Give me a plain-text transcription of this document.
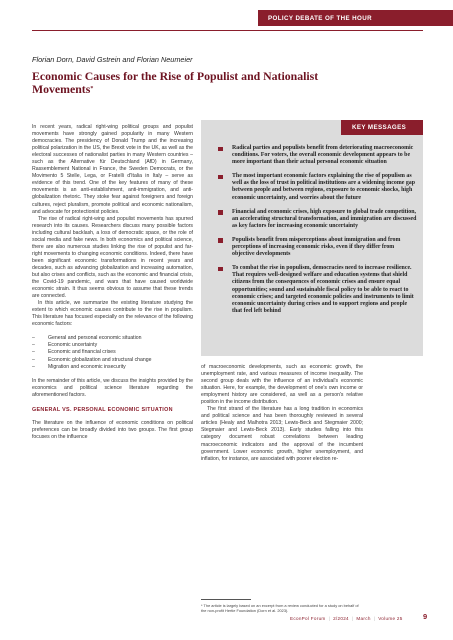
POLICY DEBATE OF THE HOUR
Florian Dorn, David Gstrein and Florian Neumeier
Economic Causes for the Rise of Populist and Nationalist Movements*

In recent years, radical right-wing political groups and populist movements have strongly gained popularity in many Western democracies. The presidency of Donald Trump and the increasing political polarization in the US, the Brexit vote in the UK, as well as the electoral successes of nationalist parties in many Western countries – such as the Alternative für Deutschland (AfD) in Germany, Rassemblement National in France, the Sweden Democrats, or the Movimento 5 Stelle, Lega, or Fratelli d'Italia in Italy – serve as evidence of this trend. One of the key features of many of these movements is an anti-establishment, anti-immigration, and anti-globalization rhetoric. They stoke fear against foreigners and foreign cultures, reject pluralism, promote political and economic nationalism, and advocate for protectionist policies.

The rise of radical right-wing and populist movements has spurred research into its causes. Researchers discuss many possible factors including cultural backlash, a loss of democratic space, or the role of social media and fake news. In both economics and political science, there are also numerous studies linking the rise of populist and far-right movements to changing economic conditions. Indeed, there have been significant economic transformations in recent years and decades, such as advancing globalization and increasing automation, but also crises and conflicts, such as the economic and financial crisis, the Covid-19 pandemic, and wars that have caused worldwide economic strain. It thus seems obvious to assume that these trends are connected.

In this article, we summarize the existing literature studying the extent to which economic causes contribute to the rise in populism. This literature has focused especially on the relevance of the following economic factors:

– General and personal economic situation
– Economic uncertainty
– Economic and financial crises
– Economic globalization and structural change
– Migration and economic insecurity

In the remainder of this article, we discuss the insights provided by the economics and political science literature regarding the aforementioned factors.

GENERAL VS. PERSONAL ECONOMIC SITUATION

The literature on the influence of economic conditions on political preferences can be broadly divided into two groups. The first group focuses on the influence

KEY MESSAGES
Radical parties and populists benefit from deteriorating macroeconomic conditions. For voters, the overall economic development appears to be more important than their actual personal economic situation
The most important economic factors explaining the rise of populism as well as the loss of trust in political institutions are a widening income gap between people and between regions, exposure to economic shocks, high economic uncertainty, and worries about the future
Financial and economic crises, high exposure to global trade competition, an accelerating structural transformation, and immigration are discussed as key factors for increasing economic uncertainty
Populists benefit from misperceptions about immigration and from perceptions of increasing economic risks, even if they differ from objective developments
To combat the rise in populism, democracies need to increase resilience. That requires well-designed welfare and education systems that shield citizens from the consequences of economic crises and ensure equal opportunities; sound and sustainable fiscal policy to be able to react to economic crises; and targeted economic policies and instruments to limit economic uncertainty during crises and to support regions and people that feel left behind

of macroeconomic developments, such as economic growth, the unemployment rate, and various measures of income inequality. The second group deals with the influence of an individual's economic situation. Here, for example, the development of one's own income or employment history are considered, as well as a person's relative position in the income distribution.

The first strand of the literature has a long tradition in economics and political science and has been thoroughly reviewed in several articles (Healy and Malhotra 2013; Lewis-Beck and Stegmaier 2000; Stegmaier and Lewis-Beck 2013). Early studies falling into this category document robust correlations between leading macroeconomic indicators and the approval of the incumbent government. Lower economic growth, higher unemployment, and inflation, for instance, are associated with poorer election re-

* The article is largely based on an excerpt from a review conducted for a study on behalf of the non-profit Hertie Foundation (Dorn et al. 2023).
EconPol Forum | 2/2024 | March | Volume 25	9
